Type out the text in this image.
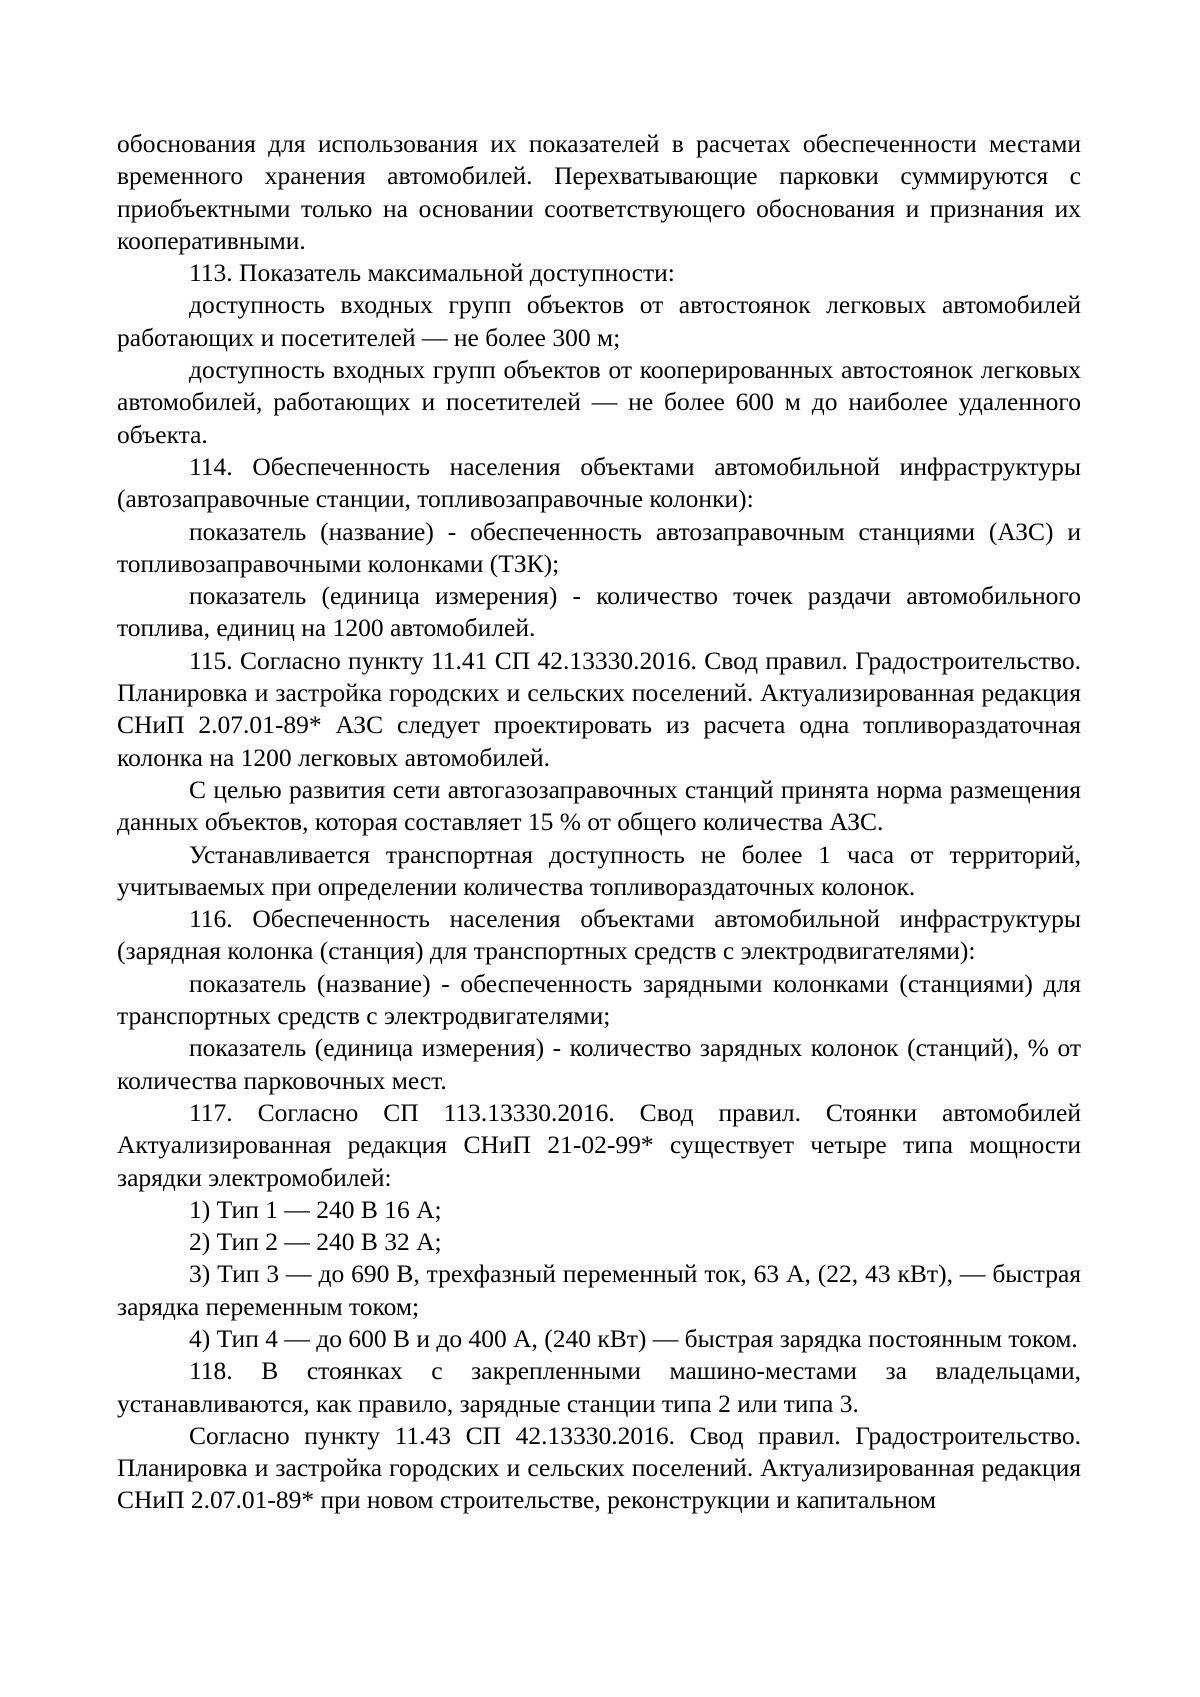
обоснования для использования их показателей в расчетах обеспеченности местами временного хранения автомобилей. Перехватывающие парковки суммируются с приобъектными только на основании соответствующего обоснования и признания их кооперативными.

113. Показатель максимальной доступности:

доступность входных групп объектов от автостоянок легковых автомобилей работающих и посетителей — не более 300 м;

доступность входных групп объектов от кооперированных автостоянок легковых автомобилей, работающих и посетителей — не более 600 м до наиболее удаленного объекта.

114. Обеспеченность населения объектами автомобильной инфраструктуры (автозаправочные станции, топливозаправочные колонки):

показатель (название) - обеспеченность автозаправочным станциями (АЗС) и топливозаправочными колонками (ТЗК);

показатель (единица измерения) - количество точек раздачи автомобильного топлива, единиц на 1200 автомобилей.

115. Согласно пункту 11.41 СП 42.13330.2016. Свод правил. Градостроительство. Планировка и застройка городских и сельских поселений. Актуализированная редакция СНиП 2.07.01-89* АЗС следует проектировать из расчета одна топливораздаточная колонка на 1200 легковых автомобилей.

С целью развития сети автогазозаправочных станций принята норма размещения данных объектов, которая составляет 15 % от общего количества АЗС.

Устанавливается транспортная доступность не более 1 часа от территорий, учитываемых при определении количества топливораздаточных колонок.

116. Обеспеченность населения объектами автомобильной инфраструктуры (зарядная колонка (станция) для транспортных средств с электродвигателями):

показатель (название) - обеспеченность зарядными колонками (станциями) для транспортных средств с электродвигателями;

показатель (единица измерения) - количество зарядных колонок (станций), % от количества парковочных мест.

117. Согласно СП 113.13330.2016. Свод правил. Стоянки автомобилей Актуализированная редакция СНиП 21-02-99* существует четыре типа мощности зарядки электромобилей:

1) Тип 1 — 240 В 16 А;

2) Тип 2 — 240 В 32 А;

3) Тип 3 — до 690 В, трехфазный переменный ток, 63 А, (22, 43 кВт), — быстрая зарядка переменным током;

4) Тип 4 — до 600 В и до 400 А, (240 кВт) — быстрая зарядка постоянным током.

118. В стоянках с закрепленными машино-местами за владельцами, устанавливаются, как правило, зарядные станции типа 2 или типа 3.

Согласно пункту 11.43 СП 42.13330.2016. Свод правил. Градостроительство. Планировка и застройка городских и сельских поселений. Актуализированная редакция СНиП 2.07.01-89* при новом строительстве, реконструкции и капитальном
